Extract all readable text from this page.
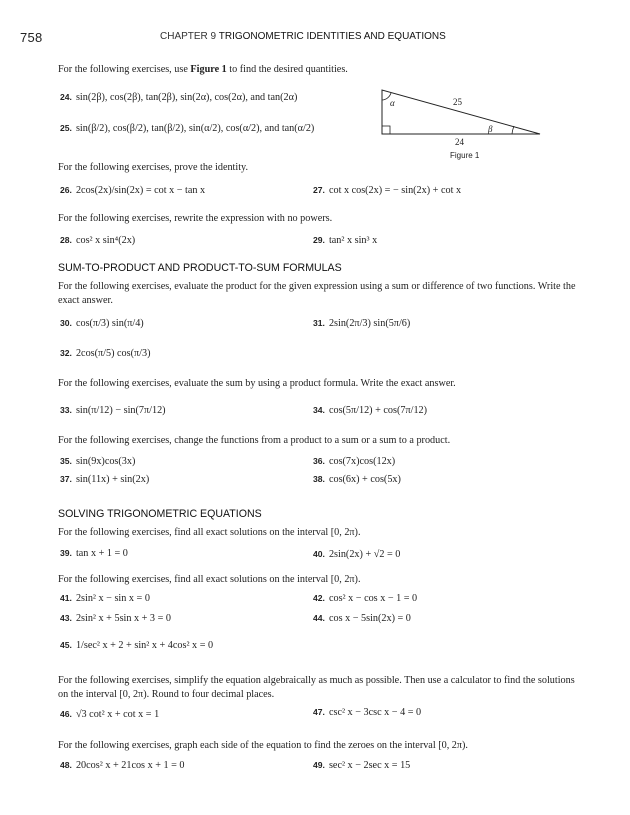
758	CHAPTER 9 TRIGONOMETRIC IDENTITIES AND EQUATIONS
For the following exercises, use Figure 1 to find the desired quantities.
24. sin(2β), cos(2β), tan(2β), sin(2α), cos(2α), and tan(2α)
25. sin(β/2), cos(β/2), tan(β/2), sin(α/2), cos(α/2), and tan(α/2)
α
β
25
24
Figure 1
For the following exercises, prove the identity.
26. 2cos(2x)/sin(2x) = cot x − tan x	27. cot x cos(2x) = − sin(2x) + cot x
For the following exercises, rewrite the expression with no powers.
28. cos² x sin⁴(2x)	29. tan² x sin³ x
SUM-TO-PRODUCT AND PRODUCT-TO-SUM FORMULAS
For the following exercises, evaluate the product for the given expression using a sum or difference of two functions. Write the exact answer.
30. cos(π/3) sin(π/4)	31. 2sin(2π/3) sin(5π/6)
32. 2cos(π/5) cos(π/3)
For the following exercises, evaluate the sum by using a product formula. Write the exact answer.
33. sin(π/12) − sin(7π/12)	34. cos(5π/12) + cos(7π/12)
For the following exercises, change the functions from a product to a sum or a sum to a product.
35. sin(9x)cos(3x)	36. cos(7x)cos(12x)
37. sin(11x) + sin(2x)	38. cos(6x) + cos(5x)
SOLVING TRIGONOMETRIC EQUATIONS
For the following exercises, find all exact solutions on the interval [0, 2π).
39. tan x + 1 = 0	40. 2sin(2x) + √2 = 0
For the following exercises, find all exact solutions on the interval [0, 2π).
41. 2sin² x − sin x = 0	42. cos² x − cos x − 1 = 0
43. 2sin² x + 5sin x + 3 = 0	44. cos x − 5sin(2x) = 0
45. 1/sec² x + 2 + sin² x + 4cos² x = 0
For the following exercises, simplify the equation algebraically as much as possible. Then use a calculator to find the solutions on the interval [0, 2π). Round to four decimal places.
46. √3 cot² x + cot x = 1	47. csc² x − 3csc x − 4 = 0
For the following exercises, graph each side of the equation to find the zeroes on the interval [0, 2π).
48. 20cos² x + 21cos x + 1 = 0	49. sec² x − 2sec x = 15
